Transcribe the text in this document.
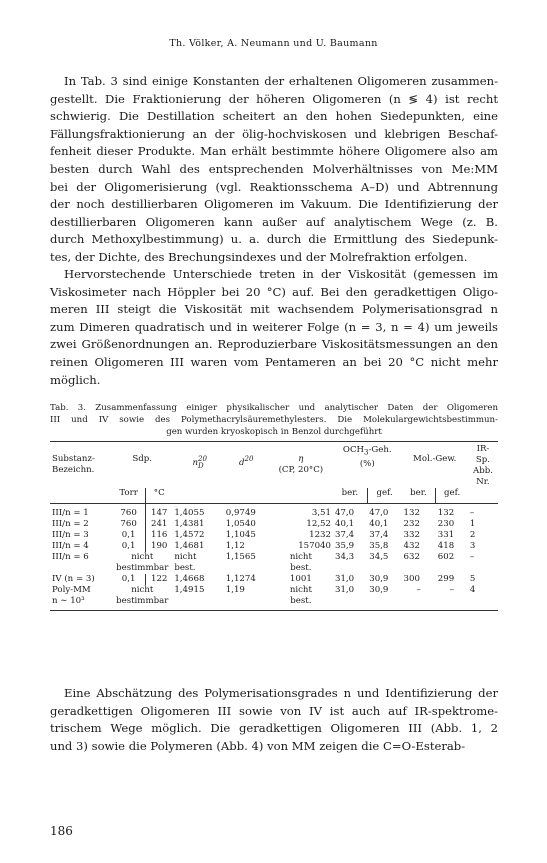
Th. Völker, A. Neumann und U. Baumann
In Tab. 3 sind einige Konstanten der erhaltenen Oligomeren zusammen-
gestellt. Die Fraktionierung der höheren Oligomeren (n ≶ 4) ist recht
schwierig. Die Destillation scheitert an den hohen Siedepunkten, eine
Fällungsfraktionierung an der ölig-hochviskosen und klebrigen Beschaf-
fenheit dieser Produkte. Man erhält bestimmte höhere Oligomere also am
besten durch Wahl des entsprechenden Molverhältnisses von Me:MM
bei der Oligomerisierung (vgl. Reaktionsschema A–D) und Abtrennung
der noch destillierbaren Oligomeren im Vakuum. Die Identifizierung der
destillierbaren Oligomeren kann außer auf analytischem Wege (z. B.
durch Methoxylbestimmung) u. a. durch die Ermittlung des Siedepunk-
tes, der Dichte, des Brechungsindexes und der Molrefraktion erfolgen.
Hervorstechende Unterschiede treten in der Viskosität (gemessen im
Viskosimeter nach Höppler bei 20 °C) auf. Bei den geradkettigen Oligo-
meren III steigt die Viskosität mit wachsendem Polymerisationsgrad n
zum Dimeren quadratisch und in weiterer Folge (n = 3, n = 4) um jeweils
zwei Größenordnungen an. Reproduzierbare Viskositätsmessungen an den
reinen Oligomeren III waren vom Pentameren an bei 20 °C nicht mehr
möglich.
Tab. 3. Zusammenfassung einiger physikalischer und analytischer Daten der Oligomeren
III und IV sowie des Polymethacrylsäuremethylesters. Die Molekulargewichtsbestimmun-
gen wurden kryoskopisch in Benzol durchgeführt
Substanz-
Bezeichn.	Sdp.		$n^{20}_D$	$d^{20}$	η
(CP, 20°C)	$OCH_3$-Geh.
(%)		Mol.-Gew.		IR-
Sp.
Abb.
Nr.
	Torr	°C				ber.	gef.	ber.	gef.	
III/n = 1	760	147	1,4055	0,9749	3,51	47,0	47,0	132	132	–
III/n = 2	760	241	1,4381	1,0540	12,52	40,1	40,1	232	230	1
III/n = 3	0,1	116	1,4572	1,1045	1232	37,4	37,4	332	331	2
III/n = 4	0,1	190	1,4681	1,12	157040	35,9	35,8	432	418	3
III/n = 6	nicht		nicht	1,1565	nicht	34,3	34,5	632	602	–
	bestimmbar		best.		best.					
IV (n = 3)	0,1	122	1,4668	1,1274	1001	31,0	30,9	300	299	5
Poly-MM	nicht		1,4915	1,19	nicht	31,0	30,9	–	–	4
n ∼ 10³	bestimmbar				best.					
Eine Abschätzung des Polymerisationsgrades n und Identifizierung der
geradkettigen Oligomeren III sowie von IV ist auch auf IR-spektrome-
trischem Wege möglich. Die geradkettigen Oligomeren III (Abb. 1, 2
und 3) sowie die Polymeren (Abb. 4) von MM zeigen die C=O-Esterab-
186
